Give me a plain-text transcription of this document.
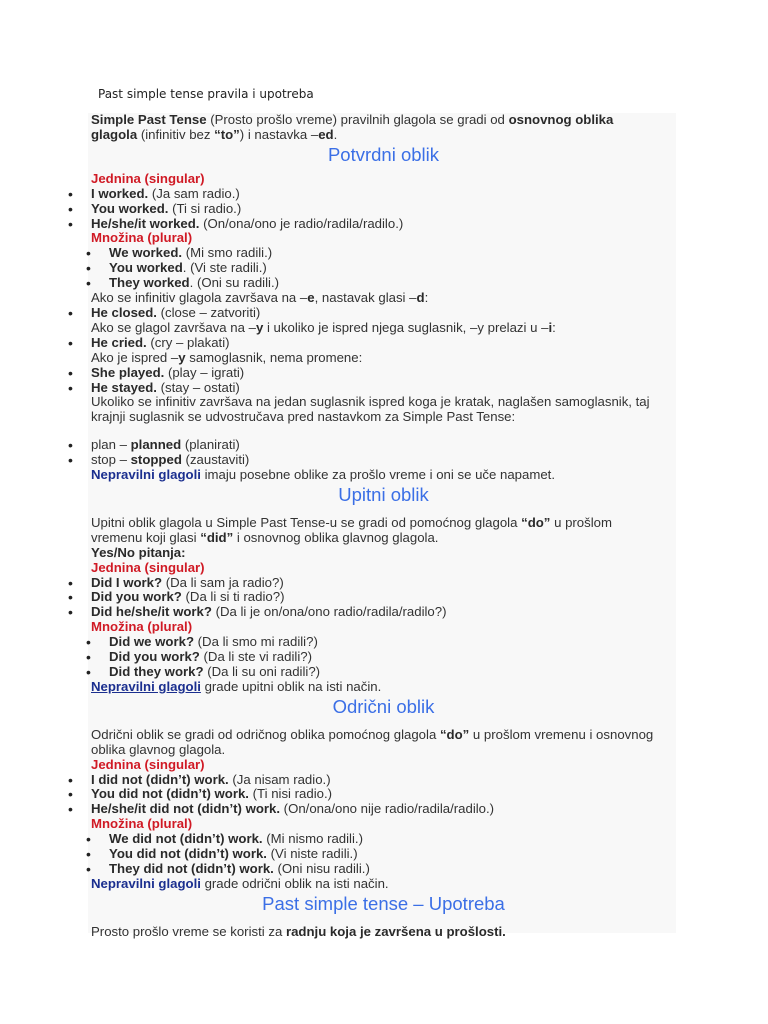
Past simple tense pravila i upotreba
Simple Past Tense (Prosto prošlo vreme) pravilnih glagola se gradi od osnovnog oblika
glagola (infinitiv bez “to”) i nastavka –ed.
Potvrdni oblik
Jednina (singular)
• I worked. (Ja sam radio.)
• You worked. (Ti si radio.)
• He/she/it worked. (On/ona/ono je radio/radila/radilo.)
Množina (plural)
• We worked. (Mi smo radili.)
• You worked. (Vi ste radili.)
• They worked. (Oni su radili.)
Ako se infinitiv glagola završava na –e, nastavak glasi –d:
• He closed. (close – zatvoriti)
Ako se glagol završava na –y i ukoliko je ispred njega suglasnik, –y prelazi u –i:
• He cried. (cry – plakati)
Ako je ispred –y samoglasnik, nema promene:
• She played. (play – igrati)
• He stayed. (stay – ostati)
Ukoliko se infinitiv završava na jedan suglasnik ispred koga je kratak, naglašen samoglasnik, taj
krajnji suglasnik se udvostručava pred nastavkom za Simple Past Tense:
• plan – planned (planirati)
• stop – stopped (zaustaviti)
Nepravilni glagoli imaju posebne oblike za prošlo vreme i oni se uče napamet.
Upitni oblik
Upitni oblik glagola u Simple Past Tense-u se gradi od pomoćnog glagola “do” u prošlom
vremenu koji glasi “did” i osnovnog oblika glavnog glagola.
Yes/No pitanja:
Jednina (singular)
• Did I work? (Da li sam ja radio?)
• Did you work? (Da li si ti radio?)
• Did he/she/it work? (Da li je on/ona/ono radio/radila/radilo?)
Množina (plural)
• Did we work? (Da li smo mi radili?)
• Did you work? (Da li ste vi radili?)
• Did they work? (Da li su oni radili?)
Nepravilni glagoli grade upitni oblik na isti način.
Odrični oblik
Odrični oblik se gradi od odričnog oblika pomoćnog glagola “do” u prošlom vremenu i osnovnog
oblika glavnog glagola.
Jednina (singular)
• I did not (didn’t) work. (Ja nisam radio.)
• You did not (didn’t) work. (Ti nisi radio.)
• He/she/it did not (didn’t) work. (On/ona/ono nije radio/radila/radilo.)
Množina (plural)
• We did not (didn’t) work. (Mi nismo radili.)
• You did not (didn’t) work. (Vi niste radili.)
• They did not (didn’t) work. (Oni nisu radili.)
Nepravilni glagoli grade odrični oblik na isti način.
Past simple tense – Upotreba
Prosto prošlo vreme se koristi za radnju koja je završena u prošlosti.
